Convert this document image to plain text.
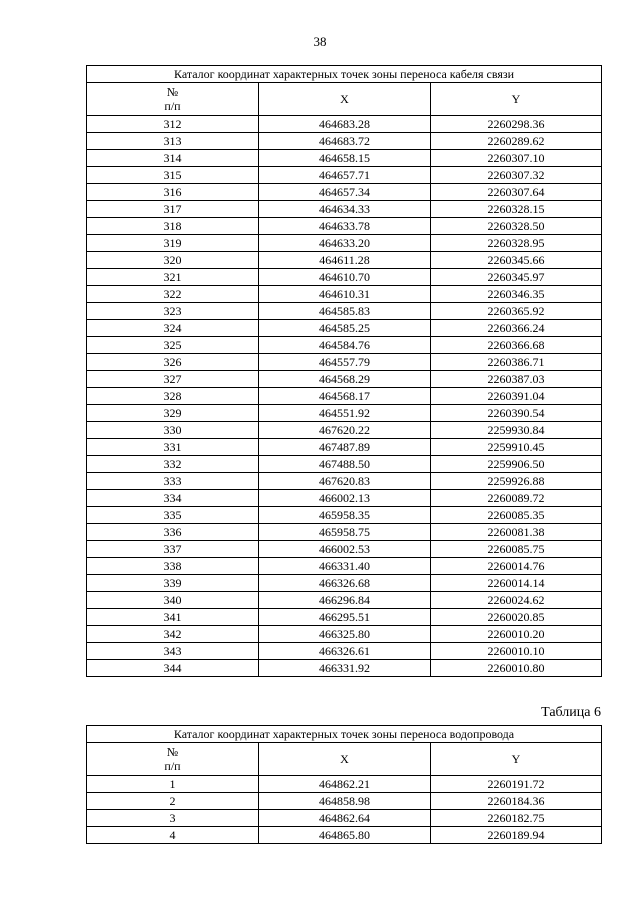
38
Каталог координат характерных точек зоны переноса кабеля связи		
№
п/п	X	Y
312	464683.28	2260298.36
313	464683.72	2260289.62
314	464658.15	2260307.10
315	464657.71	2260307.32
316	464657.34	2260307.64
317	464634.33	2260328.15
318	464633.78	2260328.50
319	464633.20	2260328.95
320	464611.28	2260345.66
321	464610.70	2260345.97
322	464610.31	2260346.35
323	464585.83	2260365.92
324	464585.25	2260366.24
325	464584.76	2260366.68
326	464557.79	2260386.71
327	464568.29	2260387.03
328	464568.17	2260391.04
329	464551.92	2260390.54
330	467620.22	2259930.84
331	467487.89	2259910.45
332	467488.50	2259906.50
333	467620.83	2259926.88
334	466002.13	2260089.72
335	465958.35	2260085.35
336	465958.75	2260081.38
337	466002.53	2260085.75
338	466331.40	2260014.76
339	466326.68	2260014.14
340	466296.84	2260024.62
341	466295.51	2260020.85
342	466325.80	2260010.20
343	466326.61	2260010.10
344	466331.92	2260010.80
Таблица 6
Каталог координат характерных точек зоны переноса водопровода		
№
п/п	X	Y
1	464862.21	2260191.72
2	464858.98	2260184.36
3	464862.64	2260182.75
4	464865.80	2260189.94
